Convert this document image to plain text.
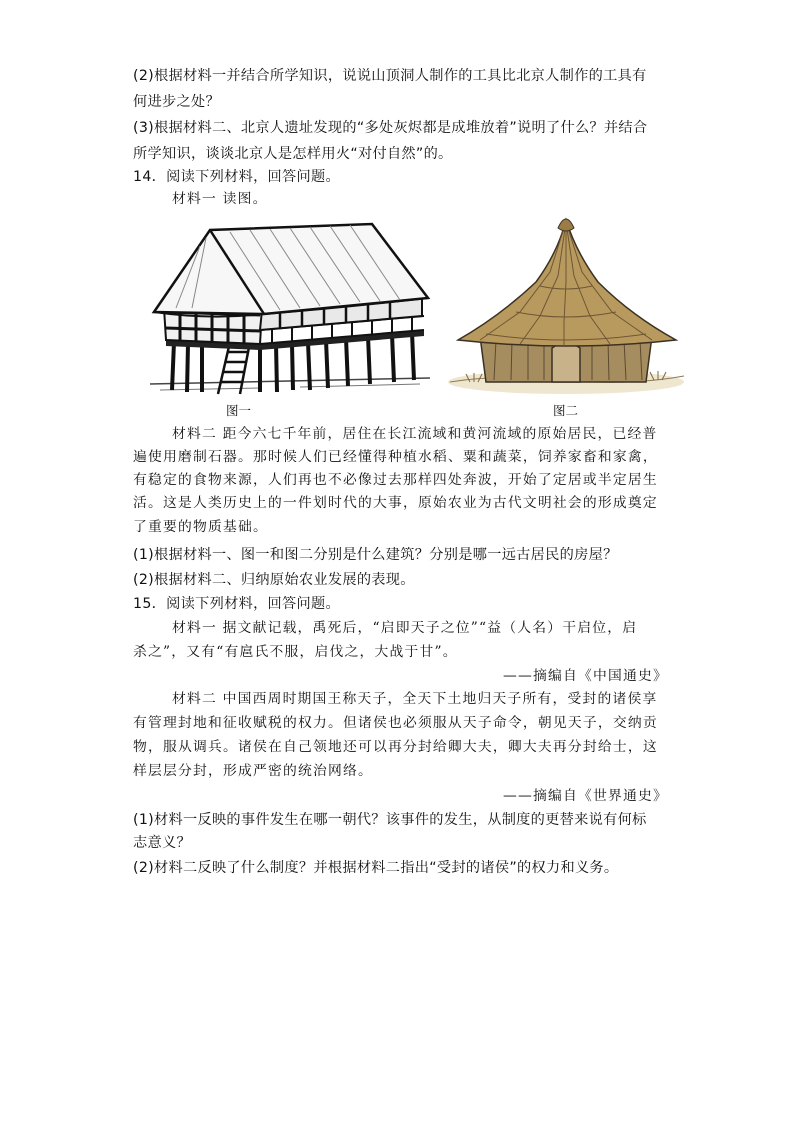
(2)根据材料一并结合所学知识，说说山顶洞人制作的工具比北京人制作的工具有
何进步之处？
(3)根据材料二、北京人遗址发现的“多处灰烬都是成堆放着”说明了什么？并结合
所学知识，谈谈北京人是怎样用火“对付自然”的。
14．阅读下列材料，回答问题。
材料一 读图。
图一	图二
材料二 距今六七千年前，居住在长江流域和黄河流域的原始居民，已经普
遍使用磨制石器。那时候人们已经懂得种植水稻、粟和蔬菜，饲养家畜和家禽，
有稳定的食物来源，人们再也不必像过去那样四处奔波，开始了定居或半定居生
活。这是人类历史上的一件划时代的大事，原始农业为古代文明社会的形成奠定
了重要的物质基础。
(1)根据材料一、图一和图二分别是什么建筑？分别是哪一远古居民的房屋？
(2)根据材料二、归纳原始农业发展的表现。
15．阅读下列材料，回答问题。
材料一 据文献记载，禹死后，“启即天子之位”“益（人名）干启位，启
杀之”，又有“有扈氏不服，启伐之，大战于甘”。
——摘编自《中国通史》
材料二 中国西周时期国王称天子，全天下土地归天子所有，受封的诸侯享
有管理封地和征收赋税的权力。但诸侯也必须服从天子命令，朝见天子，交纳贡
物，服从调兵。诸侯在自己领地还可以再分封给卿大夫，卿大夫再分封给士，这
样层层分封，形成严密的统治网络。
——摘编自《世界通史》
(1)材料一反映的事件发生在哪一朝代？该事件的发生，从制度的更替来说有何标
志意义？
(2)材料二反映了什么制度？并根据材料二指出“受封的诸侯”的权力和义务。
